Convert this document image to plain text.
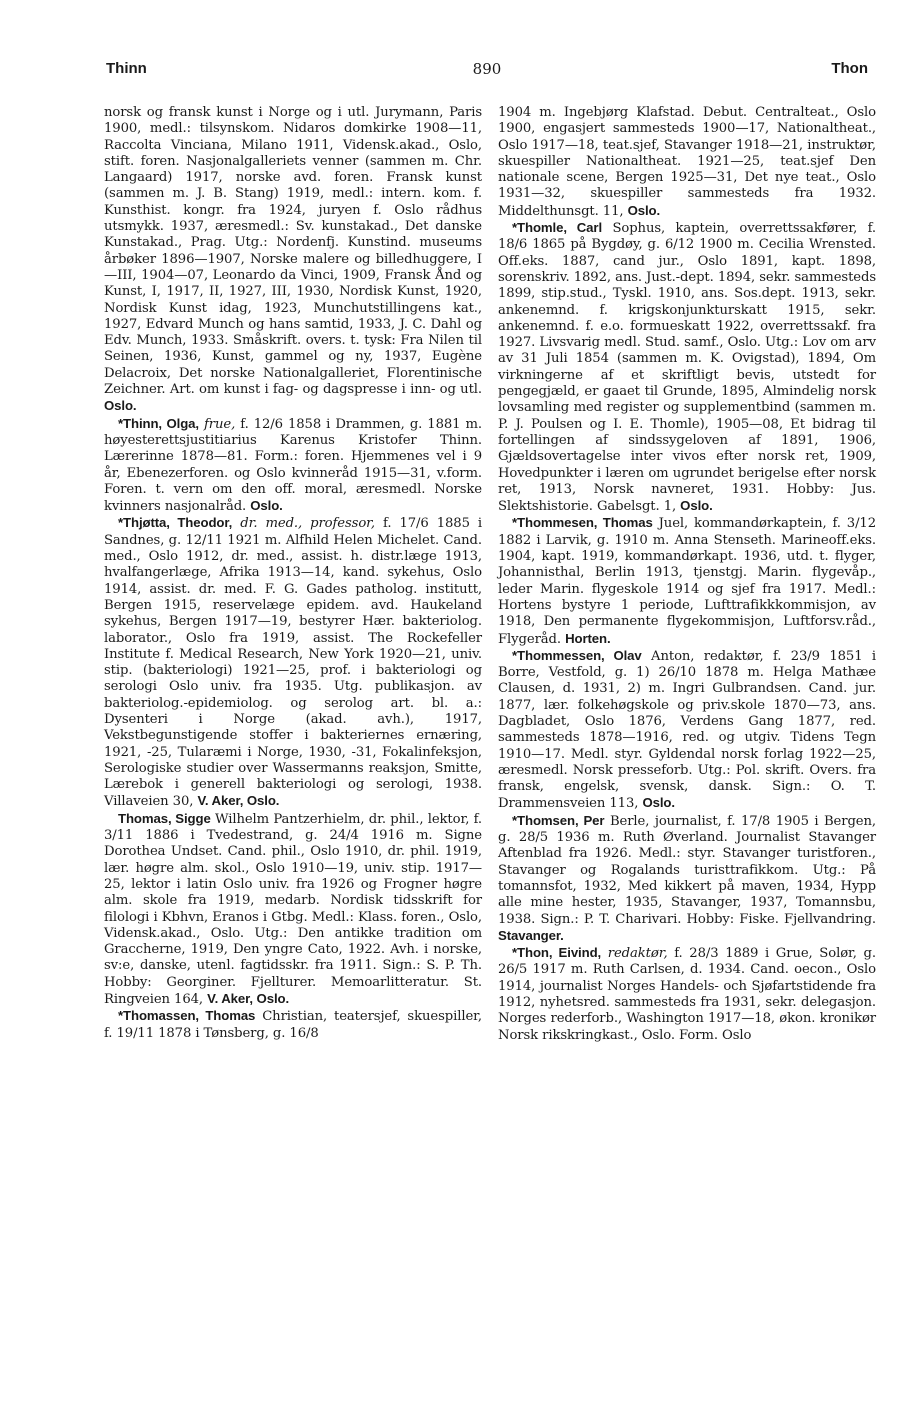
Thinn	890	Thon

norsk og fransk kunst i Norge og i utl. Jurymann, Paris 1900, medl.: tilsynskom. Nidaros domkirke 1908—11, Raccolta Vinciana, Milano 1911, Vidensk.akad., Oslo, stift. foren. Nasjonalgalleriets venner (sammen m. Chr. Langaard) 1917, norske avd. foren. Fransk kunst (sammen m. J. B. Stang) 1919, medl.: intern. kom. f. Kunsthist. kongr. fra 1924, juryen f. Oslo rådhus utsmykk. 1937, æresmedl.: Sv. kunstakad., Det danske Kunstakad., Prag. Utg.: Nordenfj. Kunstind. museums årbøker 1896—1907, Norske malere og billedhuggere, I—III, 1904—07, Leonardo da Vinci, 1909, Fransk Ånd og Kunst, I, 1917, II, 1927, III, 1930, Nordisk Kunst, 1920, Nordisk Kunst idag, 1923, Munchutstillingens kat., 1927, Edvard Munch og hans samtid, 1933, J. C. Dahl og Edv. Munch, 1933. Småskrift. overs. t. tysk: Fra Nilen til Seinen, 1936, Kunst, gammel og ny, 1937, Eugène Delacroix, Det norske Nationalgalleriet, Florentinische Zeichner. Art. om kunst i fag- og dagspresse i inn- og utl. Oslo.

*Thinn, Olga, frue, f. 12/6 1858 i Drammen, g. 1881 m. høyesterettsjustitiarius Karenus Kristofer Thinn. Lærerinne 1878—81. Form.: foren. Hjemmenes vel i 9 år, Ebenezerforen. og Oslo kvinneråd 1915—31, v.form. Foren. t. vern om den off. moral, æresmedl. Norske kvinners nasjonalråd. Oslo.

*Thjøtta, Theodor, dr. med., professor, f. 17/6 1885 i Sandnes, g. 12/11 1921 m. Alfhild Helen Michelet. Cand. med., Oslo 1912, dr. med., assist. h. distr.læge 1913, hvalfangerlæge, Afrika 1913—14, kand. sykehus, Oslo 1914, assist. dr. med. F. G. Gades patholog. institutt, Bergen 1915, reservelæge epidem. avd. Haukeland sykehus, Bergen 1917—19, bestyrer Hær. bakteriolog. laborator., Oslo fra 1919, assist. The Rockefeller Institute f. Medical Research, New York 1920—21, univ. stip. (bakteriologi) 1921—25, prof. i bakteriologi og serologi Oslo univ. fra 1935. Utg. publikasjon. av bakteriolog.-epidemiolog. og serolog art. bl. a.: Dysenteri i Norge (akad. avh.), 1917, Vekstbegunstigende stoffer i bakteriernes ernæring, 1921, -25, Tularæmi i Norge, 1930, -31, Fokalinfeksjon, Serologiske studier over Wassermanns reaksjon, Smitte, Lærebok i generell bakteriologi og serologi, 1938. Villaveien 30, V. Aker, Oslo.

Thomas, Sigge Wilhelm Pantzerhielm, dr. phil., lektor, f. 3/11 1886 i Tvedestrand, g. 24/4 1916 m. Signe Dorothea Undset. Cand. phil., Oslo 1910, dr. phil. 1919, lær. høgre alm. skol., Oslo 1910—19, univ. stip. 1917—25, lektor i latin Oslo univ. fra 1926 og Frogner høgre alm. skole fra 1919, medarb. Nordisk tidsskrift for filologi i Kbhvn, Eranos i Gtbg. Medl.: Klass. foren., Oslo, Vidensk.akad., Oslo. Utg.: Den antikke tradition om Graccherne, 1919, Den yngre Cato, 1922. Avh. i norske, sv:e, danske, utenl. fagtidsskr. fra 1911. Sign.: S. P. Th. Hobby: Georginer. Fjellturer. Memoarlitteratur. St. Ringveien 164, V. Aker, Oslo.

*Thomassen, Thomas Christian, teatersjef, skuespiller, f. 19/11 1878 i Tønsberg, g. 16/8

1904 m. Ingebjørg Klafstad. Debut. Centralteat., Oslo 1900, engasjert sammesteds 1900—17, Nationaltheat., Oslo 1917—18, teat.sjef, Stavanger 1918—21, instruktør, skuespiller Nationaltheat. 1921—25, teat.sjef Den nationale scene, Bergen 1925—31, Det nye teat., Oslo 1931—32, skuespiller sammesteds fra 1932. Middelthunsgt. 11, Oslo.

*Thomle, Carl Sophus, kaptein, overrettssakfører, f. 18/6 1865 på Bygdøy, g. 6/12 1900 m. Cecilia Wrensted. Off.eks. 1887, cand jur., Oslo 1891, kapt. 1898, sorenskriv. 1892, ans. Just.-dept. 1894, sekr. sammesteds 1899, stip.stud., Tyskl. 1910, ans. Sos.dept. 1913, sekr. ankenemnd. f. krigskonjunkturskatt 1915, sekr. ankenemnd. f. e.o. formueskatt 1922, overrettssakf. fra 1927. Livsvarig medl. Stud. samf., Oslo. Utg.: Lov om arv av 31 Juli 1854 (sammen m. K. Ovigstad), 1894, Om virkningerne af et skriftligt bevis, utstedt for pengegjæld, er gaaet til Grunde, 1895, Almindelig norsk lovsamling med register og supplementbind (sammen m. P. J. Poulsen og I. E. Thomle), 1905—08, Et bidrag til fortellingen af sindssygeloven af 1891, 1906, Gjældsovertagelse inter vivos efter norsk ret, 1909, Hovedpunkter i læren om ugrundet berigelse efter norsk ret, 1913, Norsk navneret, 1931. Hobby: Jus. Slektshistorie. Gabelsgt. 1, Oslo.

*Thommesen, Thomas Juel, kommandørkaptein, f. 3/12 1882 i Larvik, g. 1910 m. Anna Stenseth. Marineoff.eks. 1904, kapt. 1919, kommandørkapt. 1936, utd. t. flyger, Johannisthal, Berlin 1913, tjenstgj. Marin. flygevåp., leder Marin. flygeskole 1914 og sjef fra 1917. Medl.: Hortens bystyre 1 periode, Lufttrafikkkommisjon, av 1918, Den permanente flygekommisjon, Luftforsv.råd., Flygeråd. Horten.

*Thommessen, Olav Anton, redaktør, f. 23/9 1851 i Borre, Vestfold, g. 1) 26/10 1878 m. Helga Mathæe Clausen, d. 1931, 2) m. Ingri Gulbrandsen. Cand. jur. 1877, lær. folkehøgskole og priv.skole 1870—73, ans. Dagbladet, Oslo 1876, Verdens Gang 1877, red. sammesteds 1878—1916, red. og utgiv. Tidens Tegn 1910—17. Medl. styr. Gyldendal norsk forlag 1922—25, æresmedl. Norsk presseforb. Utg.: Pol. skrift. Overs. fra fransk, engelsk, svensk, dansk. Sign.: O. T. Drammensveien 113, Oslo.

*Thomsen, Per Berle, journalist, f. 17/8 1905 i Bergen, g. 28/5 1936 m. Ruth Øverland. Journalist Stavanger Aftenblad fra 1926. Medl.: styr. Stavanger turistforen., Stavanger og Rogalands turisttrafikkom. Utg.: På tomannsfot, 1932, Med kikkert på maven, 1934, Hypp alle mine hester, 1935, Stavanger, 1937, Tomannsbu, 1938. Sign.: P. T. Charivari. Hobby: Fiske. Fjellvandring. Stavanger.

*Thon, Eivind, redaktør, f. 28/3 1889 i Grue, Solør, g. 26/5 1917 m. Ruth Carlsen, d. 1934. Cand. oecon., Oslo 1914, journalist Norges Handels- och Sjøfartstidende fra 1912, nyhetsred. sammesteds fra 1931, sekr. delegasjon. Norges rederforb., Washington 1917—18, økon. kronikør Norsk rikskringkast., Oslo. Form. Oslo
